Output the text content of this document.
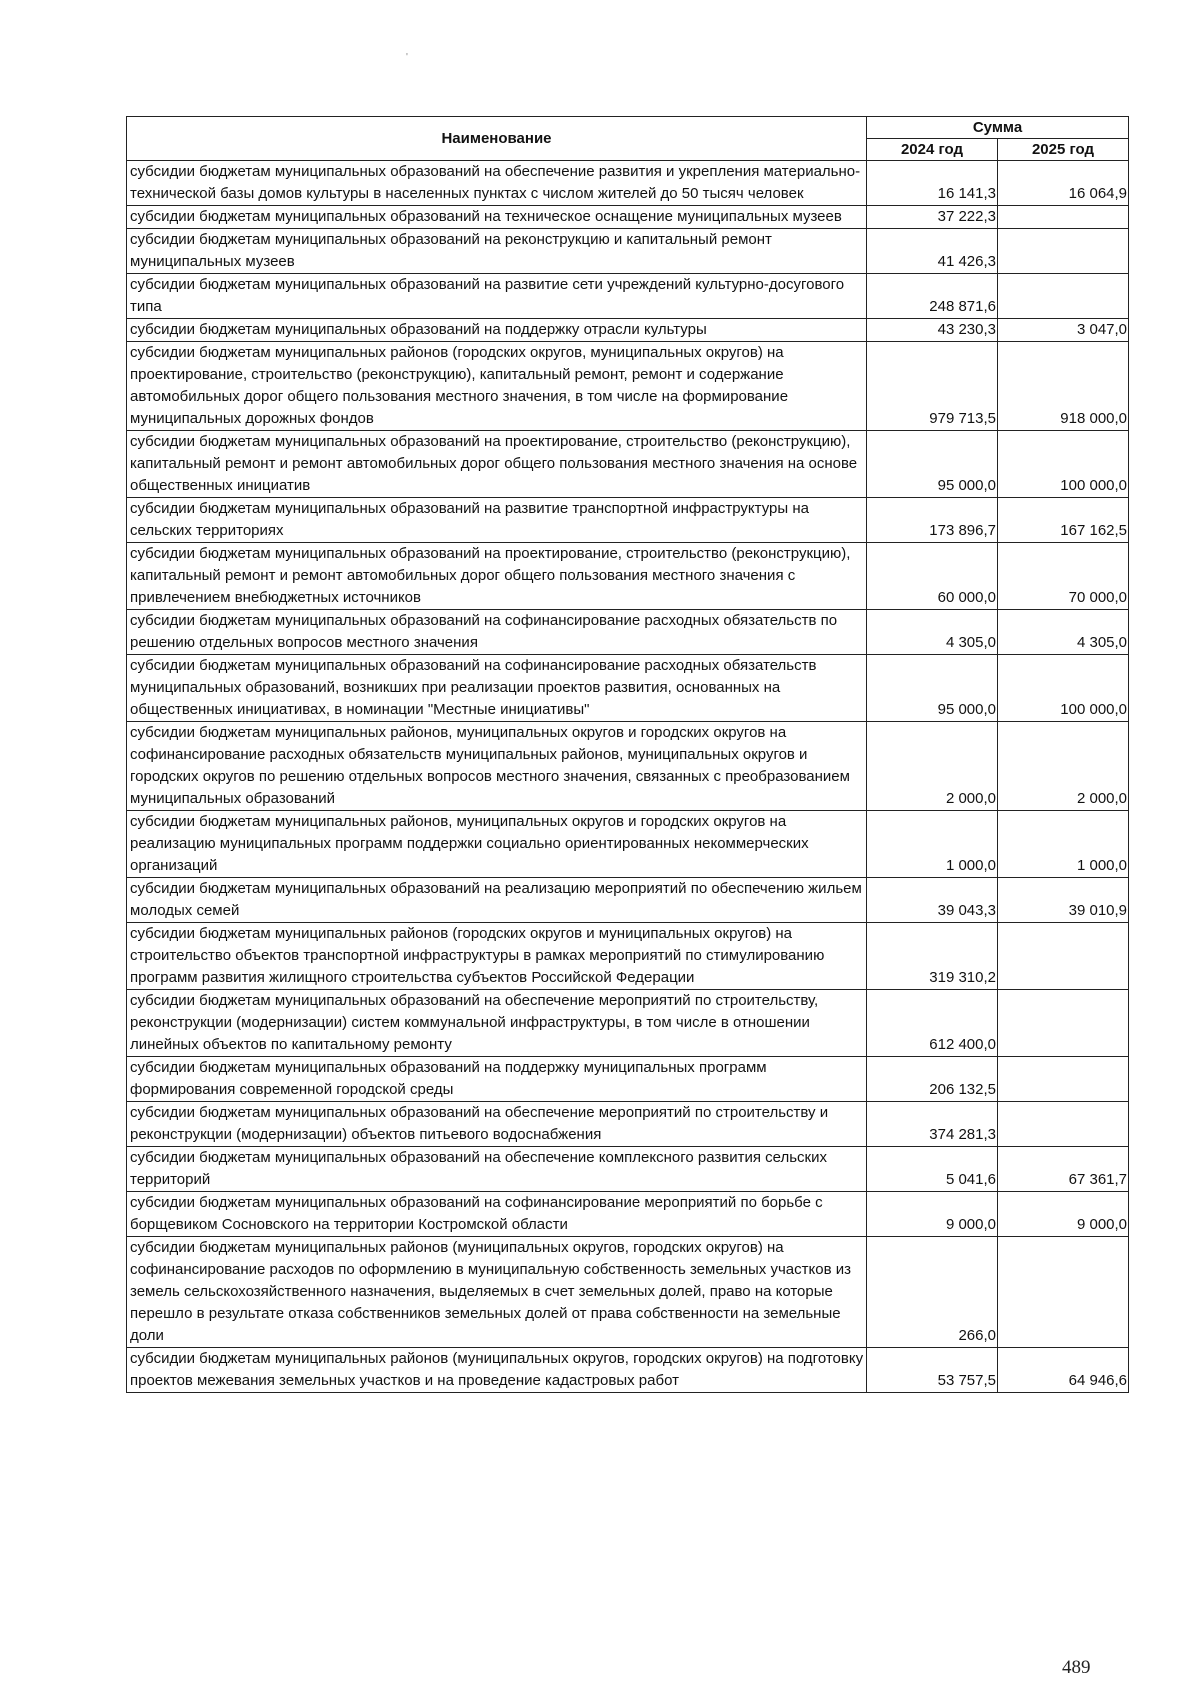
'
Наименование	Сумма	
	2024 год	2025 год
субсидии бюджетам муниципальных образований на обеспечение развития и укрепления материально-технической базы домов культуры в населенных пунктах с числом жителей до 50 тысяч человек	16 141,3	16 064,9
субсидии бюджетам муниципальных образований на техническое оснащение муниципальных музеев	37 222,3	
субсидии бюджетам муниципальных образований на реконструкцию и капитальный ремонт муниципальных музеев	41 426,3	
субсидии бюджетам муниципальных образований на развитие сети учреждений культурно-досугового типа	248 871,6	
субсидии бюджетам муниципальных образований на поддержку отрасли культуры	43 230,3	3 047,0
субсидии бюджетам муниципальных районов (городских округов, муниципальных округов) на проектирование, строительство (реконструкцию), капитальный ремонт, ремонт и содержание автомобильных дорог общего пользования местного значения, в том числе на формирование муниципальных дорожных фондов	979 713,5	918 000,0
субсидии бюджетам муниципальных образований на проектирование, строительство (реконструкцию), капитальный ремонт и ремонт автомобильных дорог общего пользования местного значения на основе общественных инициатив	95 000,0	100 000,0
субсидии бюджетам муниципальных образований на развитие транспортной инфраструктуры на сельских территориях	173 896,7	167 162,5
субсидии бюджетам муниципальных образований на проектирование, строительство (реконструкцию), капитальный ремонт и ремонт автомобильных дорог общего пользования местного значения с привлечением внебюджетных источников	60 000,0	70 000,0
субсидии бюджетам муниципальных образований на софинансирование расходных обязательств по решению отдельных вопросов местного значения	4 305,0	4 305,0
субсидии бюджетам муниципальных образований на софинансирование расходных обязательств муниципальных образований, возникших при реализации проектов развития, основанных на общественных инициативах, в номинации "Местные инициативы"	95 000,0	100 000,0
субсидии бюджетам муниципальных районов, муниципальных округов и городских округов на софинансирование расходных обязательств муниципальных районов, муниципальных округов и городских округов по решению отдельных вопросов местного значения, связанных с преобразованием муниципальных образований	2 000,0	2 000,0
субсидии бюджетам муниципальных районов, муниципальных округов и городских округов на реализацию муниципальных программ поддержки социально ориентированных некоммерческих организаций	1 000,0	1 000,0
субсидии бюджетам муниципальных образований на реализацию мероприятий по обеспечению жильем молодых семей	39 043,3	39 010,9
субсидии бюджетам муниципальных районов (городских округов и муниципальных округов) на строительство объектов транспортной инфраструктуры в рамках мероприятий по стимулированию программ развития жилищного строительства субъектов Российской Федерации	319 310,2	
субсидии бюджетам муниципальных образований на обеспечение мероприятий по строительству, реконструкции (модернизации) систем коммунальной инфраструктуры, в том числе в отношении линейных объектов по капитальному ремонту	612 400,0	
субсидии бюджетам муниципальных образований на поддержку муниципальных программ формирования современной городской среды	206 132,5	
субсидии бюджетам муниципальных образований на обеспечение мероприятий по строительству и реконструкции (модернизации) объектов питьевого водоснабжения	374 281,3	
субсидии бюджетам муниципальных образований на обеспечение комплексного развития сельских территорий	5 041,6	67 361,7
субсидии бюджетам муниципальных образований на софинансирование мероприятий по борьбе с борщевиком Сосновского на территории Костромской области	9 000,0	9 000,0
субсидии бюджетам муниципальных районов (муниципальных округов, городских округов) на софинансирование расходов по оформлению в муниципальную собственность земельных участков из земель сельскохозяйственного назначения, выделяемых в счет земельных долей, право на которые перешло в результате отказа собственников земельных долей от права собственности на земельные доли	266,0	
субсидии бюджетам муниципальных районов (муниципальных округов, городских округов) на подготовку проектов межевания земельных участков и на проведение кадастровых работ	53 757,5	64 946,6
489
